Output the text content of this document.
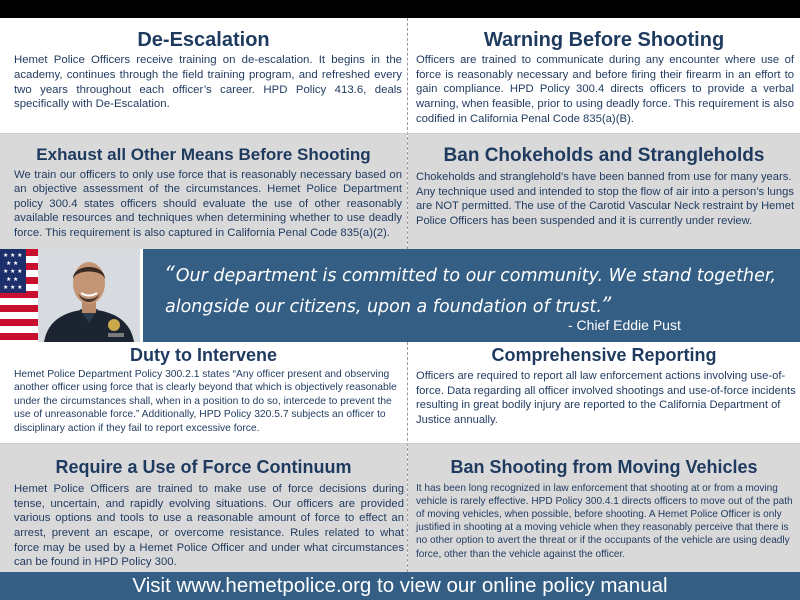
De-Escalation

Hemet Police Officers receive training on de-escalation. It begins in the academy, continues through the field training program, and refreshed every two years throughout each officer’s career. HPD Policy 413.6, deals specifically with De-Escalation.

Warning Before Shooting

Officers are trained to communicate during any encounter where use of force is reasonably necessary and before firing their firearm in an effort to gain compliance. HPD Policy 300.4 directs officers to provide a verbal warning, when feasible, prior to using deadly force. This requirement is also codified in California Penal Code 835(a)(B).

Exhaust all Other Means Before Shooting

We train our officers to only use force that is reasonably necessary based on an objective assessment of the circumstances. Hemet Police Department policy 300.4 states officers should evaluate the use of other reasonably available resources and techniques when determining whether to use deadly force. This requirement is also captured in California Penal Code 835(a)(2).

Ban Chokeholds and Strangleholds

Chokeholds and stranglehold’s have been banned from use for many years. Any technique used and intended to stop the flow of air into a person’s lungs are NOT permitted. The use of the Carotid Vascular Neck restraint by Hemet Police Officers has been suspended and it is currently under review.

★ ★ ★
★ ★
★ ★ ★
★ ★
★ ★ ★
“Our department is committed to our community. We stand together, alongside our citizens, upon a foundation of trust.”
- Chief Eddie Pust
Duty to Intervene

Hemet Police Department Policy 300.2.1 states “Any officer present and observing another officer using force that is clearly beyond that which is objectively reasonable under the circumstances shall, when in a position to do so, intercede to prevent the use of unreasonable force.” Additionally, HPD Policy 320.5.7 subjects an officer to disciplinary action if they fail to report excessive force.

Comprehensive Reporting

Officers are required to report all law enforcement actions involving use-of-force. Data regarding all officer involved shootings and use-of-force incidents resulting in great bodily injury are reported to the California Department of Justice annually.

Require a Use of Force Continuum

Hemet Police Officers are trained to make use of force decisions during tense, uncertain, and rapidly evolving situations. Our officers are provided various options and tools to use a reasonable amount of force to effect an arrest, prevent an escape, or overcome resistance. Rules related to what force may be used by a Hemet Police Officer and under what circumstances can be found in HPD Policy 300.

Ban Shooting from Moving Vehicles

It has been long recognized in law enforcement that shooting at or from a moving vehicle is rarely effective. HPD Policy 300.4.1 directs officers to move out of the path of moving vehicles, when possible, before shooting. A Hemet Police Officer is only justified in shooting at a moving vehicle when they reasonably perceive that there is no other option to avert the threat or if the occupants of the vehicle are using deadly force, other than the vehicle against the officer.

Visit www.hemetpolice.org to view our online policy manual
